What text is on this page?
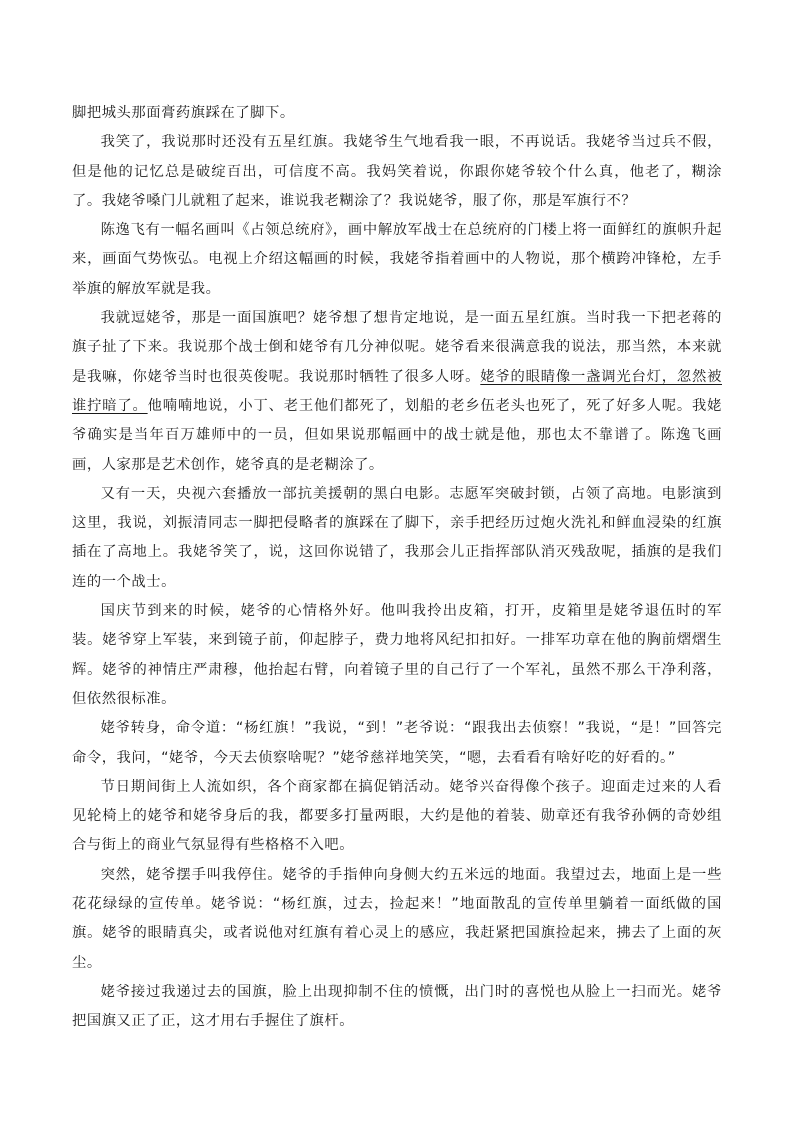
脚把城头那面膏药旗踩在了脚下。

我笑了，我说那时还没有五星红旗。我姥爷生气地看我一眼，不再说话。我姥爷当过兵不假，但是他的记忆总是破绽百出，可信度不高。我妈笑着说，你跟你姥爷较个什么真，他老了，糊涂了。我姥爷嗓门儿就粗了起来，谁说我老糊涂了？我说姥爷，服了你，那是军旗行不？

陈逸飞有一幅名画叫《占领总统府》，画中解放军战士在总统府的门楼上将一面鲜红的旗帜升起来，画面气势恢弘。电视上介绍这幅画的时候，我姥爷指着画中的人物说，那个横跨冲锋枪，左手举旗的解放军就是我。

我就逗姥爷，那是一面国旗吧？姥爷想了想肯定地说，是一面五星红旗。当时我一下把老蒋的旗子扯了下来。我说那个战士倒和姥爷有几分神似呢。姥爷看来很满意我的说法，那当然，本来就是我嘛，你姥爷当时也很英俊呢。我说那时牺牲了很多人呀。姥爷的眼睛像一盏调光台灯，忽然被谁拧暗了。他喃喃地说，小丁、老王他们都死了，划船的老乡伍老头也死了，死了好多人呢。我姥爷确实是当年百万雄师中的一员，但如果说那幅画中的战士就是他，那也太不靠谱了。陈逸飞画画，人家那是艺术创作，姥爷真的是老糊涂了。

又有一天，央视六套播放一部抗美援朝的黑白电影。志愿军突破封锁，占领了高地。电影演到这里，我说，刘振清同志一脚把侵略者的旗踩在了脚下，亲手把经历过炮火洗礼和鲜血浸染的红旗插在了高地上。我姥爷笑了，说，这回你说错了，我那会儿正指挥部队消灭残敌呢，插旗的是我们连的一个战士。

国庆节到来的时候，姥爷的心情格外好。他叫我拎出皮箱，打开，皮箱里是姥爷退伍时的军装。姥爷穿上军装，来到镜子前，仰起脖子，费力地将风纪扣扣好。一排军功章在他的胸前熠熠生辉。姥爷的神情庄严肃穆，他抬起右臂，向着镜子里的自己行了一个军礼，虽然不那么干净利落，但依然很标准。

姥爷转身，命令道：“杨红旗！”我说，“到！”老爷说：“跟我出去侦察！”我说，“是！”回答完命令，我问，“姥爷，今天去侦察啥呢？”姥爷慈祥地笑笑，“嗯，去看看有啥好吃的好看的。”

节日期间街上人流如织，各个商家都在搞促销活动。姥爷兴奋得像个孩子。迎面走过来的人看见轮椅上的姥爷和姥爷身后的我，都要多打量两眼，大约是他的着装、勋章还有我爷孙俩的奇妙组合与街上的商业气氛显得有些格格不入吧。

突然，姥爷摆手叫我停住。姥爷的手指伸向身侧大约五米远的地面。我望过去，地面上是一些花花绿绿的宣传单。姥爷说：“杨红旗，过去，捡起来！”地面散乱的宣传单里躺着一面纸做的国旗。姥爷的眼睛真尖，或者说他对红旗有着心灵上的感应，我赶紧把国旗捡起来，拂去了上面的灰尘。

姥爷接过我递过去的国旗，脸上出现抑制不住的愤慨，出门时的喜悦也从脸上一扫而光。姥爷把国旗又正了正，这才用右手握住了旗杆。
